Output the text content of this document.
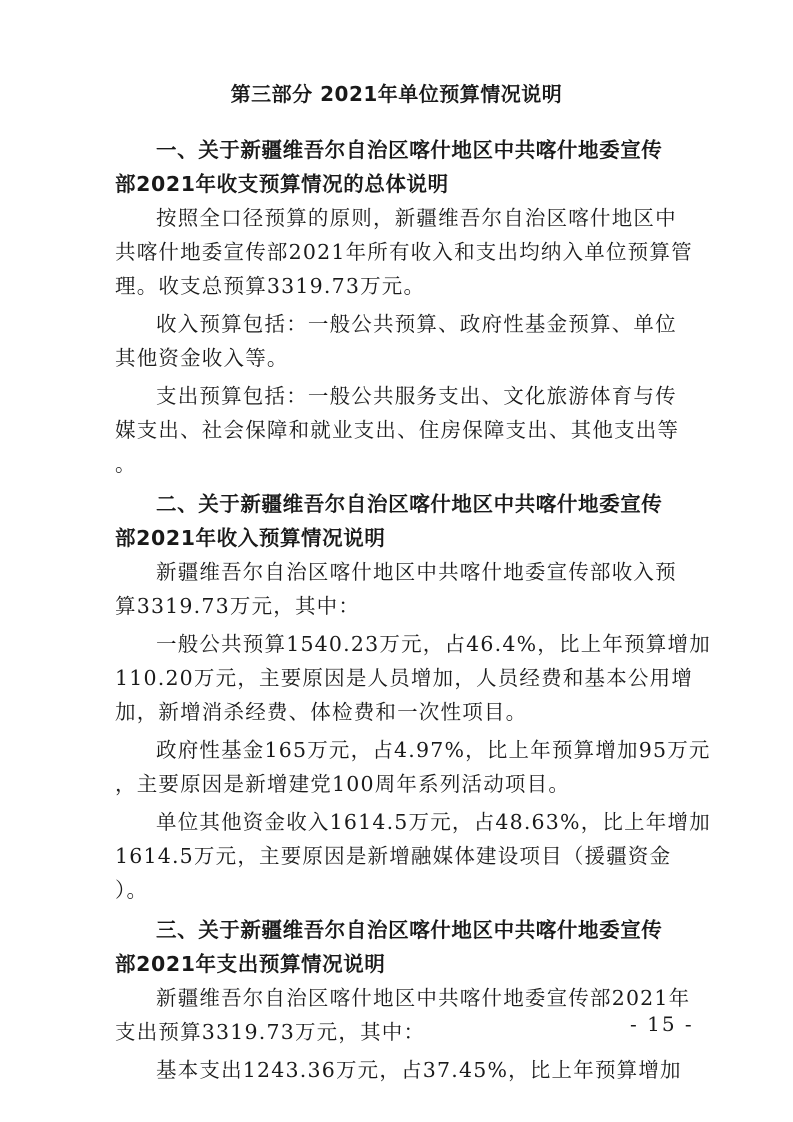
第三部分 2021年单位预算情况说明
一、关于新疆维吾尔自治区喀什地区中共喀什地委宣传
部2021年收支预算情况的总体说明
按照全口径预算的原则，新疆维吾尔自治区喀什地区中
共喀什地委宣传部2021年所有收入和支出均纳入单位预算管
理。收支总预算3319.73万元。
收入预算包括：一般公共预算、政府性基金预算、单位
其他资金收入等。
支出预算包括：一般公共服务支出、文化旅游体育与传
媒支出、社会保障和就业支出、住房保障支出、其他支出等
。
二、关于新疆维吾尔自治区喀什地区中共喀什地委宣传
部2021年收入预算情况说明
新疆维吾尔自治区喀什地区中共喀什地委宣传部收入预
算3319.73万元，其中：
一般公共预算1540.23万元，占46.4%，比上年预算增加
110.20万元，主要原因是人员增加，人员经费和基本公用增
加，新增消杀经费、体检费和一次性项目。
政府性基金165万元，占4.97%，比上年预算增加95万元
，主要原因是新增建党100周年系列活动项目。
单位其他资金收入1614.5万元，占48.63%，比上年增加
1614.5万元，主要原因是新增融媒体建设项目（援疆资金
）。
三、关于新疆维吾尔自治区喀什地区中共喀什地委宣传
部2021年支出预算情况说明
新疆维吾尔自治区喀什地区中共喀什地委宣传部2021年
支出预算3319.73万元，其中：
基本支出1243.36万元，占37.45%，比上年预算增加
- 15 -
